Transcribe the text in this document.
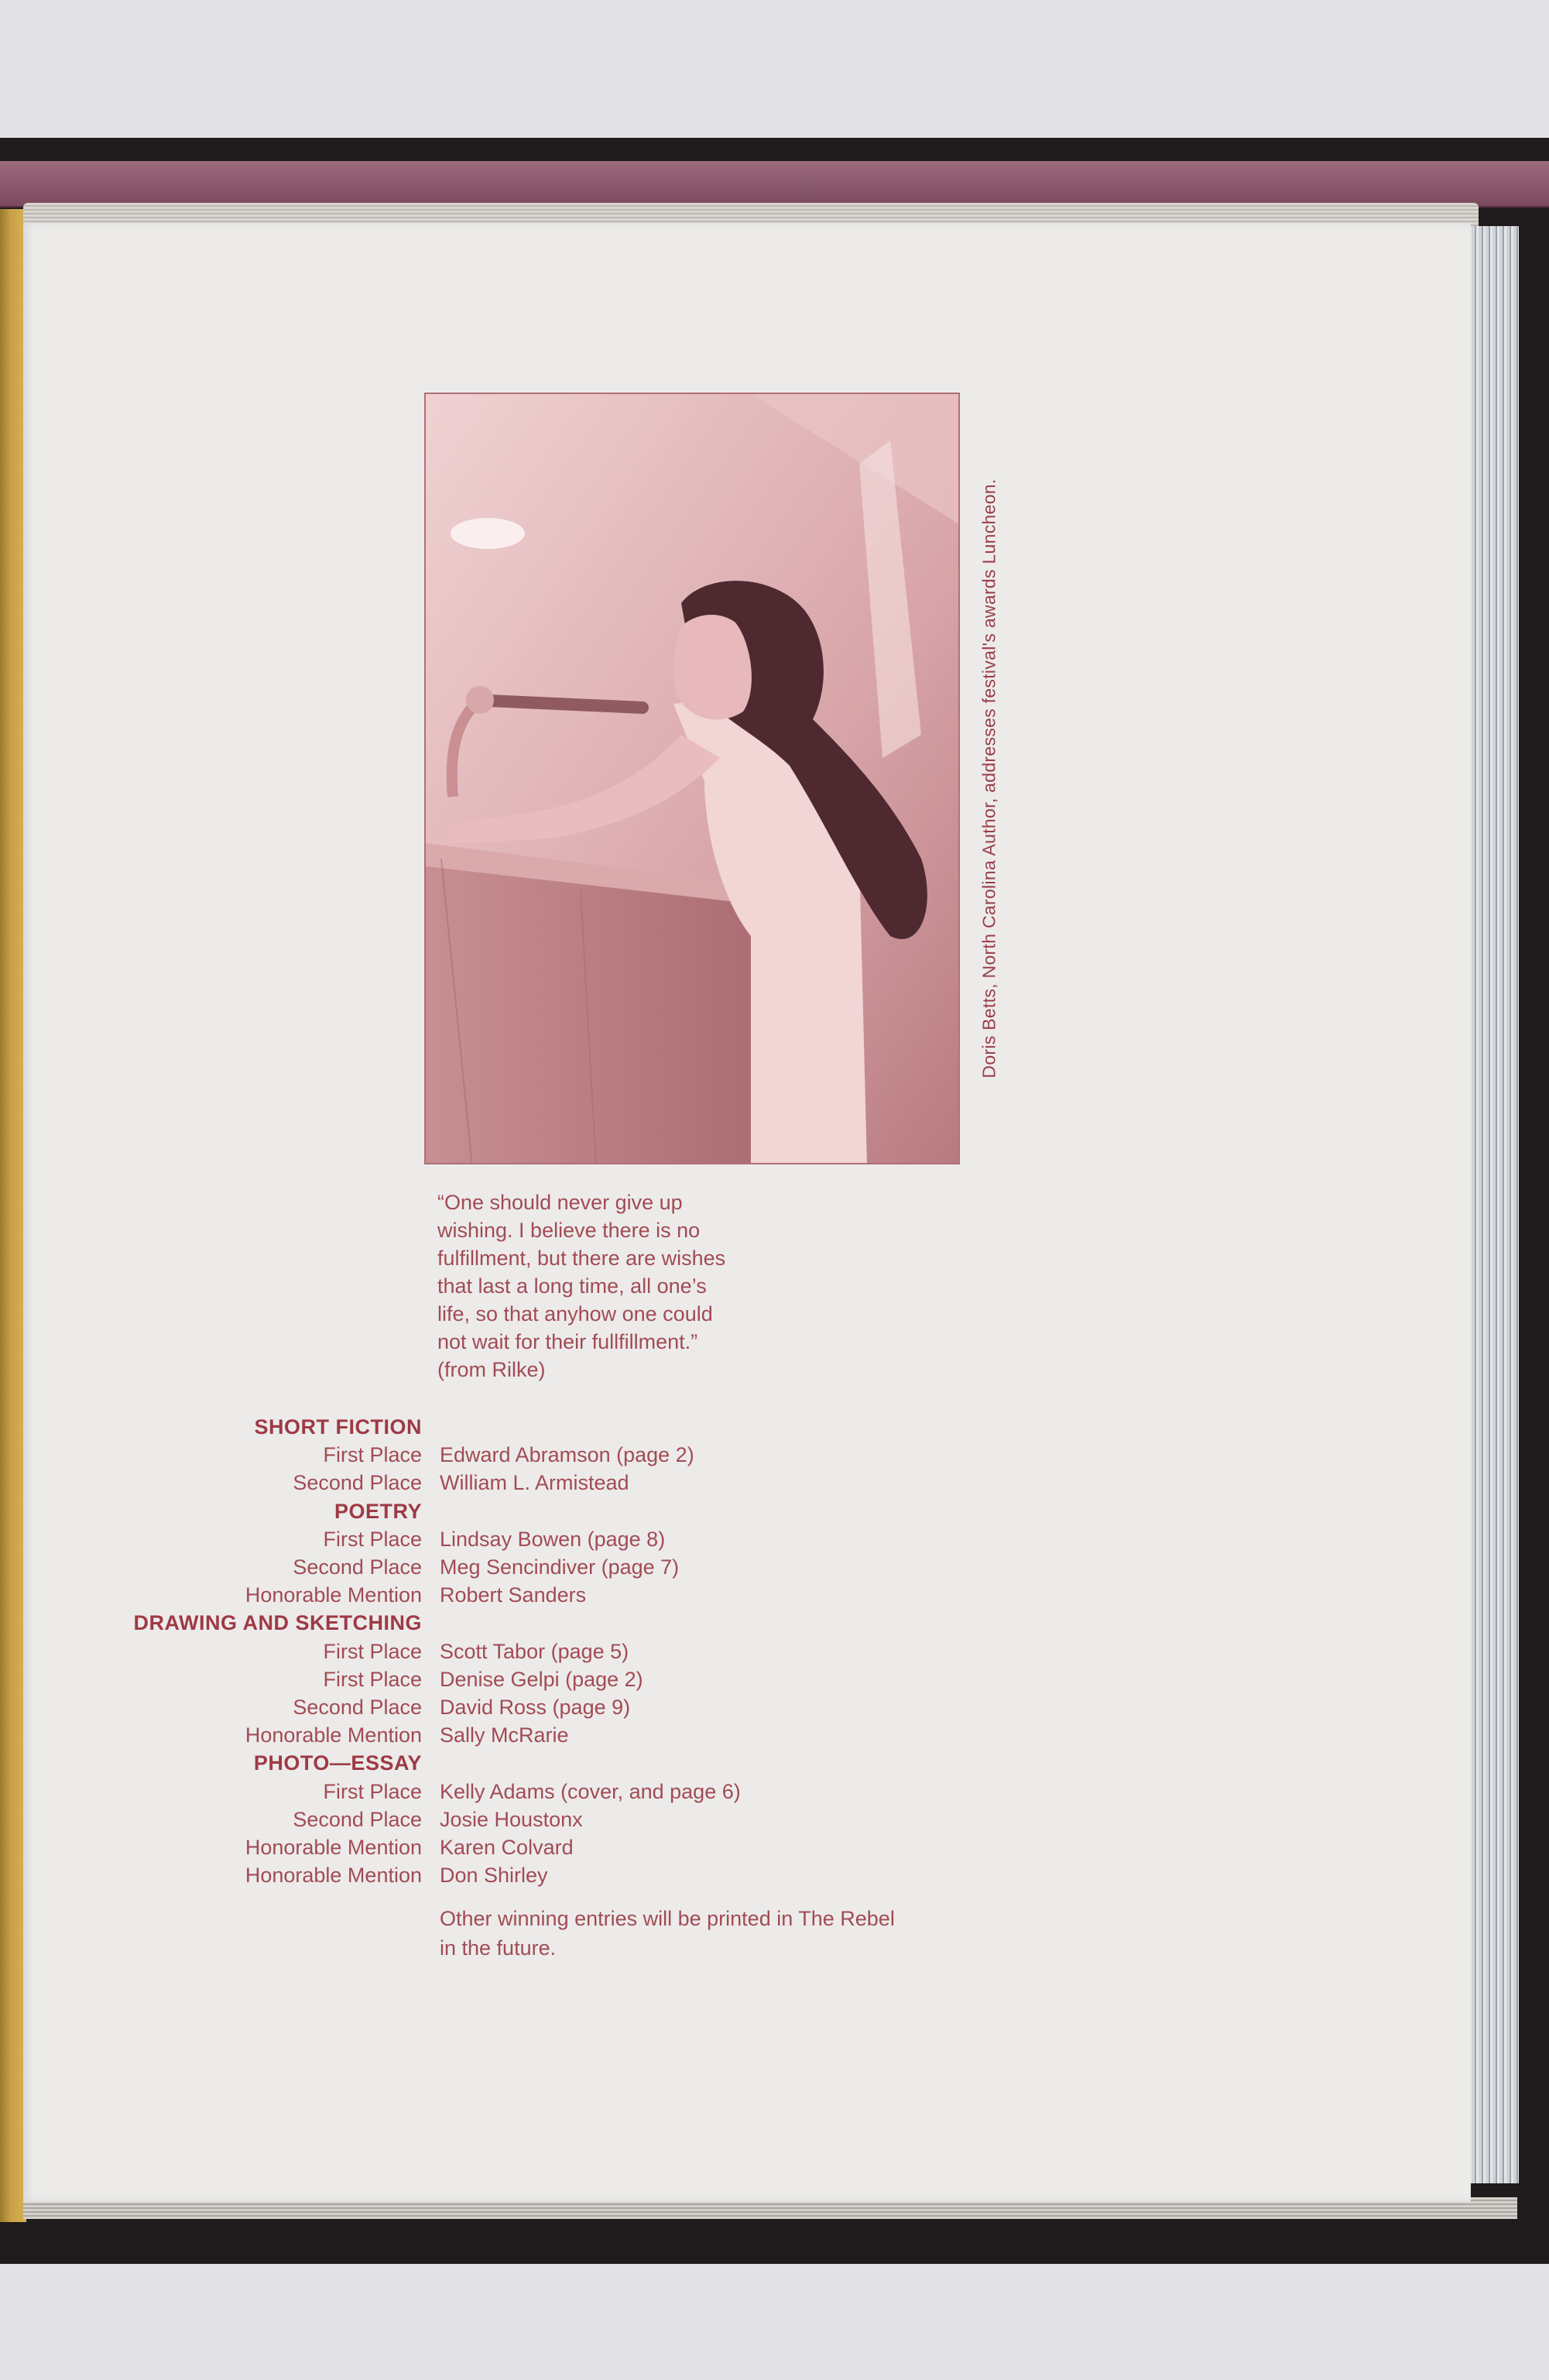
Doris Betts, North Carolina Author, addresses festival's awards Luncheon.
“One should never give up
wishing. I believe there is no
fulfillment, but there are wishes
that last a long time, all one’s
life, so that anyhow one could
not wait for their fullfillment.”
(from Rilke)
SHORT FICTION
First Place Edward Abramson (page 2)
Second Place William L. Armistead
POETRY
First Place Lindsay Bowen (page 8)
Second Place Meg Sencindiver (page 7)
Honorable Mention Robert Sanders
DRAWING AND SKETCHING
First Place Scott Tabor (page 5)
First Place Denise Gelpi (page 2)
Second Place David Ross (page 9)
Honorable Mention Sally McRarie
PHOTO—ESSAY
First Place Kelly Adams (cover, and page 6)
Second Place Josie Houstonx
Honorable Mention Karen Colvard
Honorable Mention Don Shirley
Other winning entries will be printed in The Rebel
in the future.
